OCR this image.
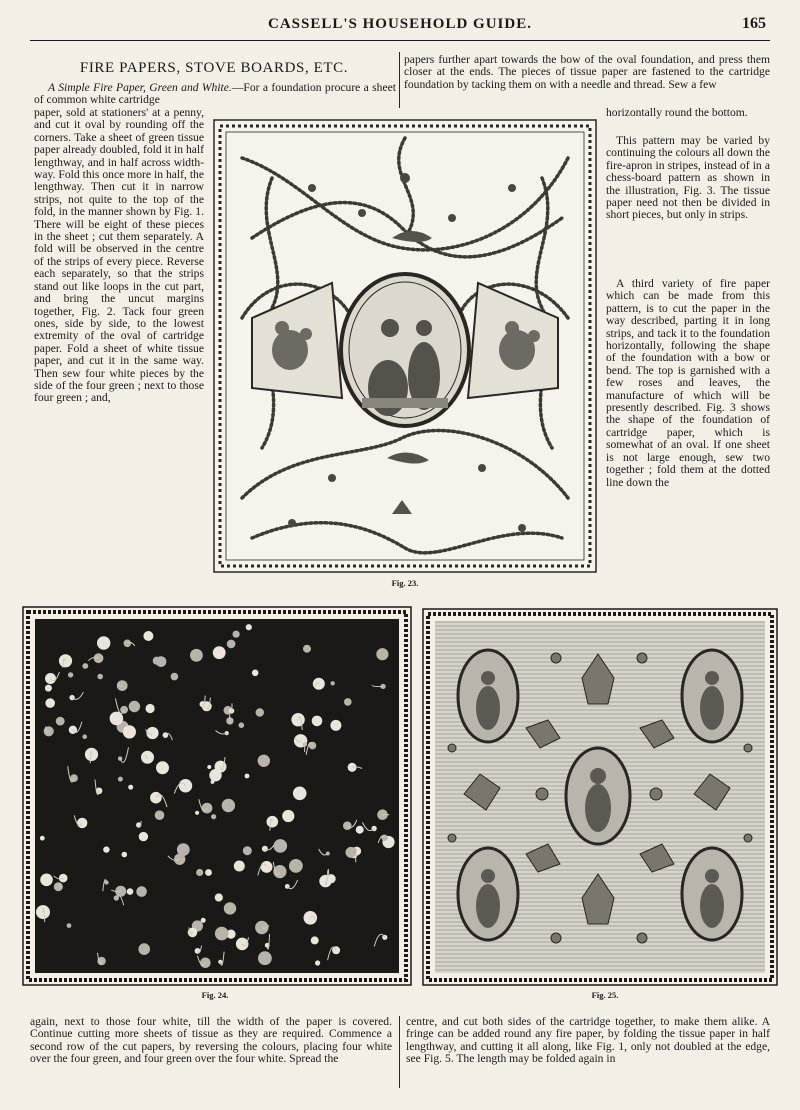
CASSELL'S HOUSEHOLD GUIDE.	165
FIRE PAPERS, STOVE BOARDS, ETC.
A Simple Fire Paper, Green and White.—For a foundation procure a sheet of common white cartridge
paper, sold at stationers' at a penny, and cut it oval by rounding off the corners. Take a sheet of green tissue paper already doubled, fold it in half lengthway, and in half across width-way. Fold this once more in half, the lengthway. Then cut it in narrow strips, not quite to the top of the fold, in the manner shown by Fig. 1. There will be eight of these pieces in the sheet ; cut them separately. A fold will be observed in the centre of the strips of every piece. Reverse each separately, so that the strips stand out like loops in the cut part, and bring the uncut margins together, Fig. 2. Tack four green ones, side by side, to the lowest extremity of the oval of cartridge paper. Fold a sheet of white tissue paper, and cut it in the same way. Then sew four white pieces by the side of the four green ; next to those four green ; and,
papers further apart towards the bow of the oval foundation, and press them closer at the ends. The pieces of tissue paper are fastened to the cartridge foundation by tacking them on with a needle and thread. Sew a few
horizontally round the bottom.
This pattern may be varied by continuing the colours all down the fire-apron in stripes, instead of in a chess-board pattern as shown in the illustration, Fig. 3. The tissue paper need not then be divided in short pieces, but only in strips.
A third variety of fire paper which can be made from this pattern, is to cut the paper in the way described, parting it in long strips, and tack it to the foundation horizontally, following the shape of the foundation with a bow or bend. The top is garnished with a few roses and leaves, the manufacture of which will be presently described. Fig. 3 shows the shape of the foundation of cartridge paper, which is somewhat of an oval. If one sheet is not large enough, sew two together ; fold them at the dotted line down the
Fig. 23.
Fig. 24.	Fig. 25.
again, next to those four white, till the width of the paper is covered. Continue cutting more sheets of tissue as they are required. Commence a second row of the cut papers, by reversing the colours, placing four white over the four green, and four green over the four white. Spread the
centre, and cut both sides of the cartridge together, to make them alike. A fringe can be added round any fire paper, by folding the tissue paper in half lengthway, and cutting it all along, like Fig. 1, only not doubled at the edge, see Fig. 5. The length may be folded again in
